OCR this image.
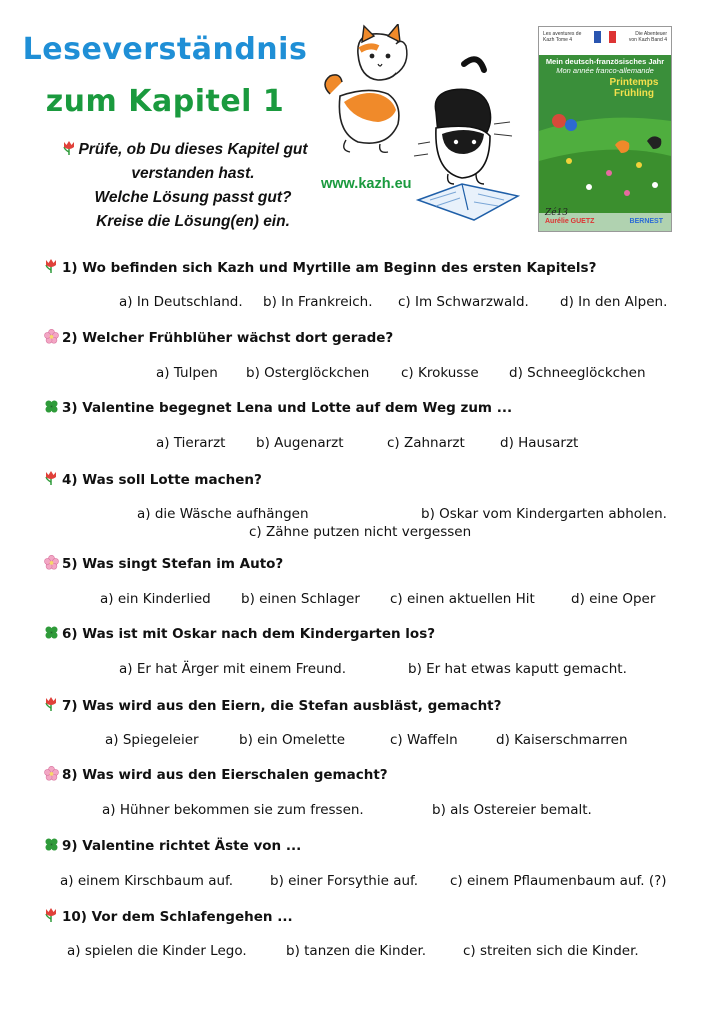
Leseverständnis
zum Kapitel 1
Prüfe, ob Du dieses Kapitel gut
verstanden hast.
Welche Lösung passt gut?
Kreise die Lösung(en) ein.
www.kazh.eu
Les aventures de Kazh Tome 4
Die Abenteuer von Kazh Band 4
Mein deutsch-französisches Jahr
Mon année franco-allemande
Printemps
Frühling
Aurélie GUETZ	BERNEST
Zé13
1) Wo befinden sich Kazh und Myrtille am Beginn des ersten Kapitels?
a) In Deutschland. b) In Frankreich. c) Im Schwarzwald. d) In den Alpen.
2) Welcher Frühblüher wächst dort gerade?
a) Tulpen b) Osterglöckchen c) Krokusse d) Schneeglöckchen
3) Valentine begegnet Lena und Lotte auf dem Weg zum ...
a) Tierarzt b) Augenarzt	c) Zahnarzt	d) Hausarzt
4) Was soll Lotte machen?
a) die Wäsche aufhängen	b) Oskar vom Kindergarten abholen.
c) Zähne putzen nicht vergessen
5) Was singt Stefan im Auto?
a) ein Kinderlied b) einen Schlager c) einen aktuellen Hit	d) eine Oper
6) Was ist mit Oskar nach dem Kindergarten los?
a) Er hat Ärger mit einem Freund.	b) Er hat etwas kaputt gemacht.
7) Was wird aus den Eiern, die Stefan ausbläst, gemacht?
a) Spiegeleier	b) ein Omelette	c) Waffeln	d) Kaiserschmarren
8) Was wird aus den Eierschalen gemacht?
a) Hühner bekommen sie zum fressen.	b) als Ostereier bemalt.
9) Valentine richtet Äste von ...
a) einem Kirschbaum auf.	b) einer Forsythie auf. c) einem Pflaumenbaum auf. (?)
10) Vor dem Schlafengehen ...
a) spielen die Kinder Lego.	b) tanzen die Kinder.	c) streiten sich die Kinder.
